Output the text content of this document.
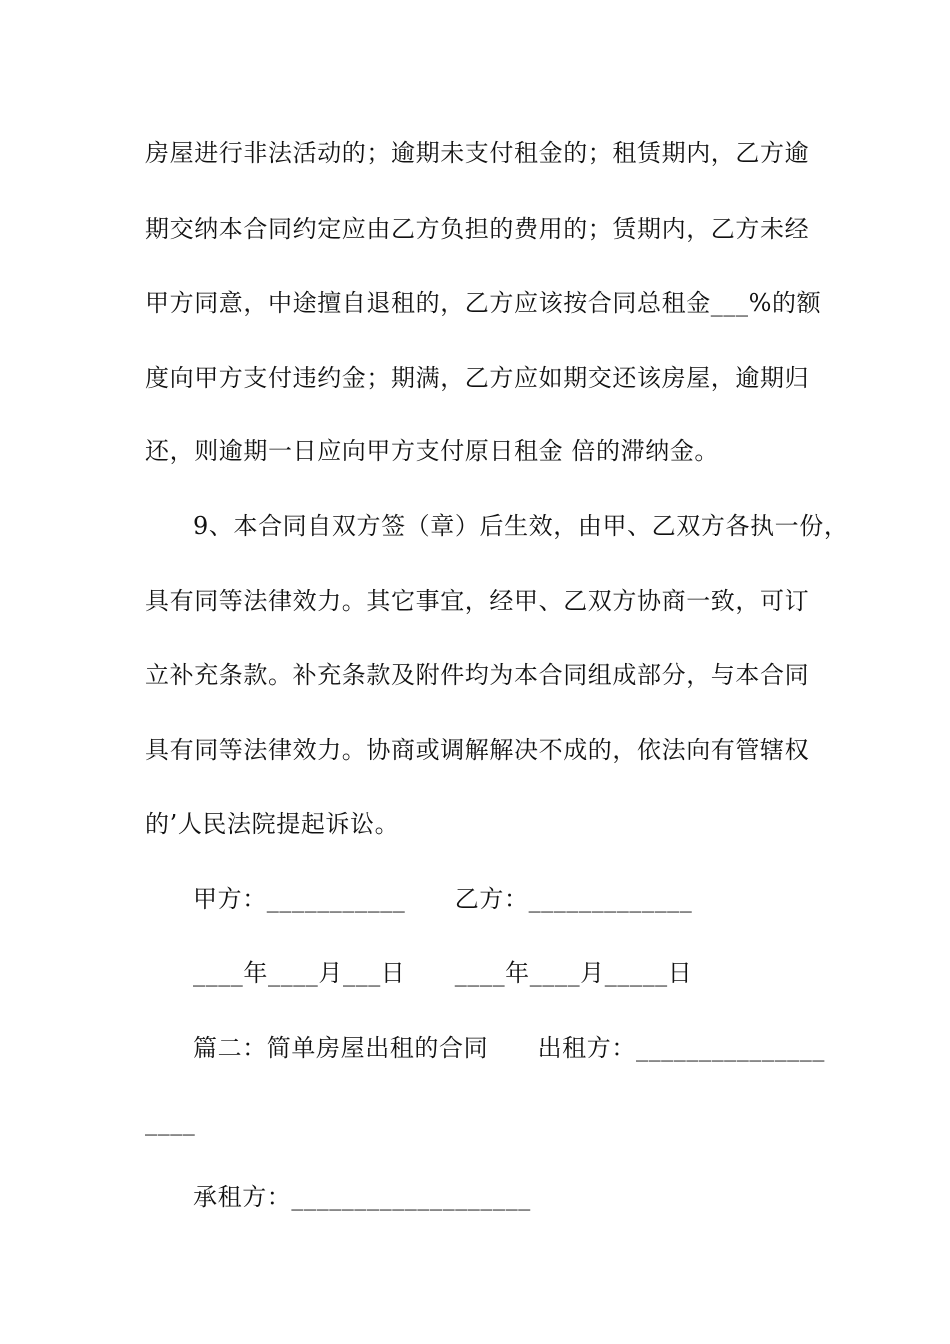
房屋进行非法活动的；逾期未支付租金的；租赁期内，乙方逾
期交纳本合同约定应由乙方负担的费用的；赁期内，乙方未经
甲方同意，中途擅自退租的，乙方应该按合同总租金___%的额
度向甲方支付违约金；期满，乙方应如期交还该房屋，逾期归
还，则逾期一日应向甲方支付原日租金 倍的滞纳金。
9、本合同自双方签（章）后生效，由甲、乙双方各执一份，
具有同等法律效力。其它事宜，经甲、乙双方协商一致，可订
立补充条款。补充条款及附件均为本合同组成部分，与本合同
具有同等法律效力。协商或调解解决不成的，依法向有管辖权
的’人民法院提起诉讼。
甲方：___________      乙方：_____________
____年____月___日      ____年____月_____日
篇二：简单房屋出租的合同      出租方：_______________
____
承租方：___________________
